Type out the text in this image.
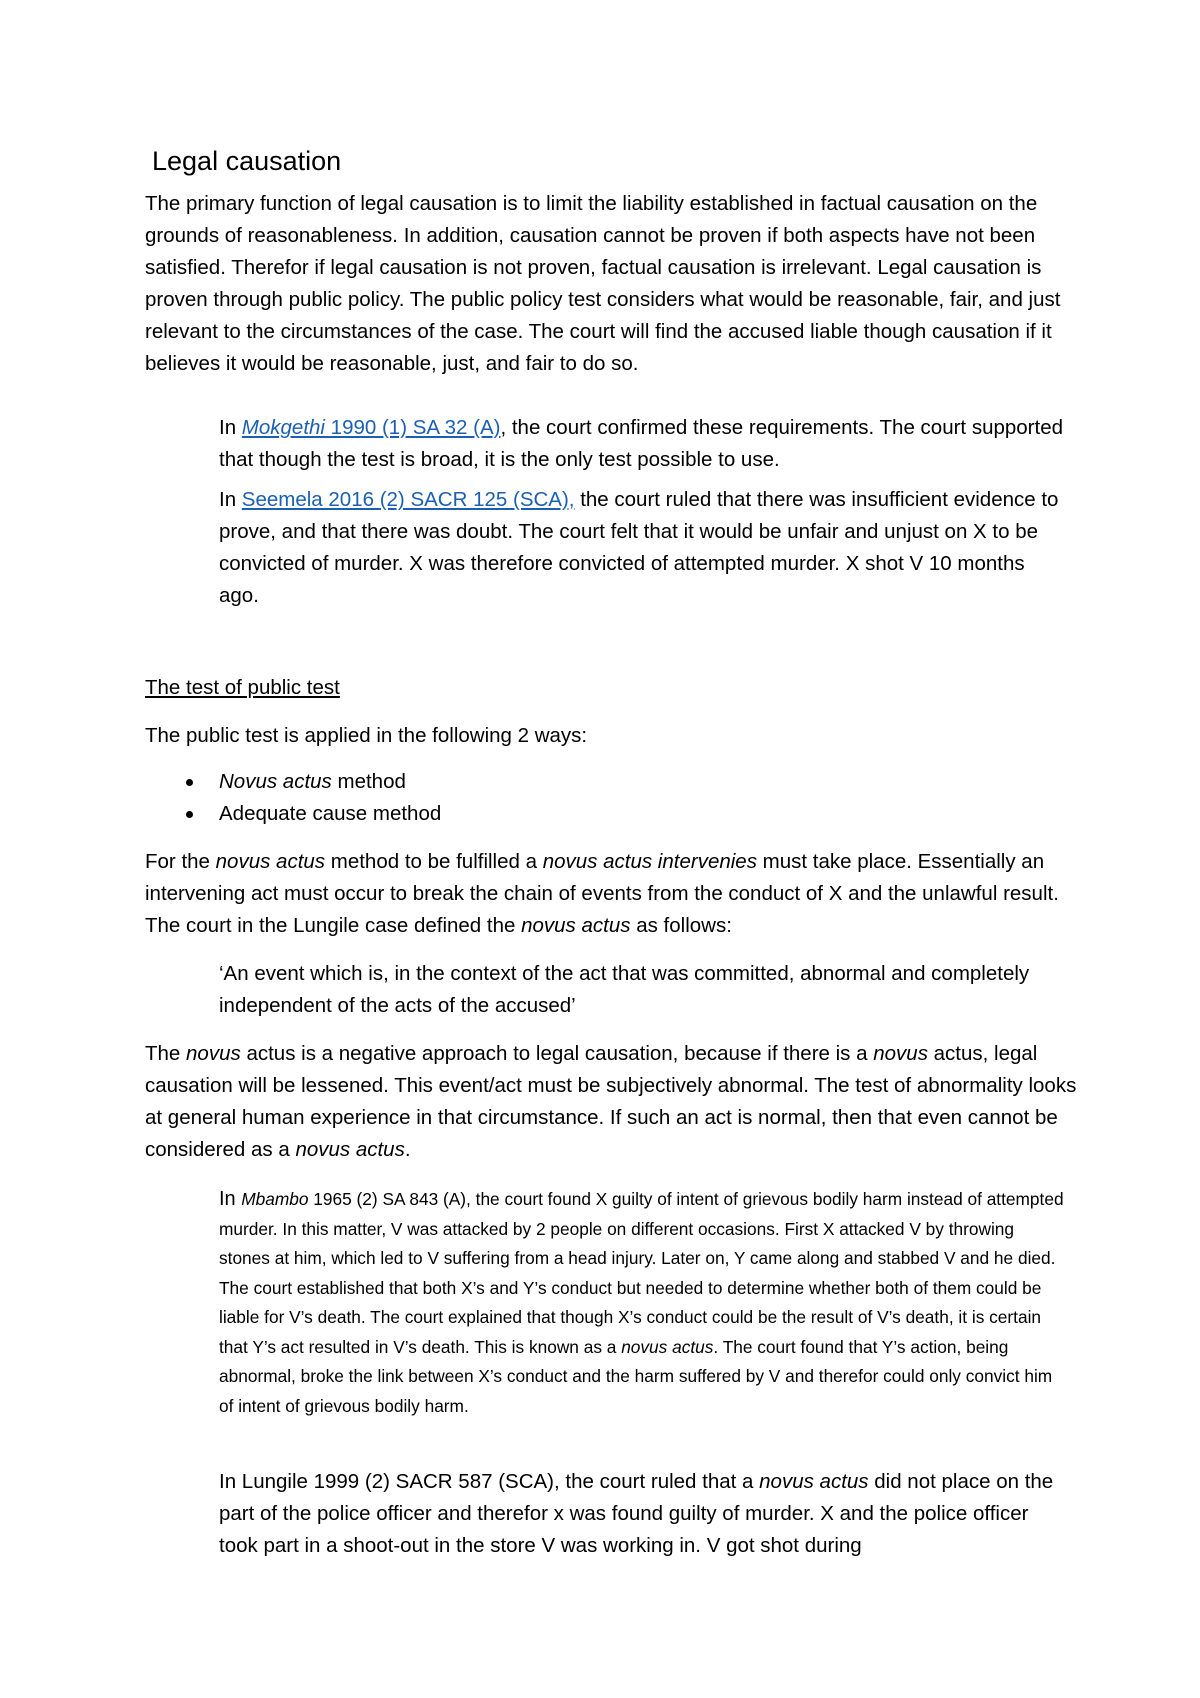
Legal causation

The primary function of legal causation is to limit the liability established in factual causation on the grounds of reasonableness. In addition, causation cannot be proven if both aspects have not been satisfied. Therefor if legal causation is not proven, factual causation is irrelevant. Legal causation is proven through public policy. The public policy test considers what would be reasonable, fair, and just relevant to the circumstances of the case. The court will find the accused liable though causation if it believes it would be reasonable, just, and fair to do so.

In Mokgethi 1990 (1) SA 32 (A), the court confirmed these requirements. The court supported that though the test is broad, it is the only test possible to use.

In Seemela 2016 (2) SACR 125 (SCA), the court ruled that there was insufficient evidence to prove, and that there was doubt. The court felt that it would be unfair and unjust on X to be convicted of murder. X was therefore convicted of attempted murder. X shot V 10 months ago.

The test of public test

The public test is applied in the following 2 ways:

Novus actus method
Adequate cause method

For the novus actus method to be fulfilled a novus actus intervenies must take place. Essentially an intervening act must occur to break the chain of events from the conduct of X and the unlawful result. The court in the Lungile case defined the novus actus as follows:

‘An event which is, in the context of the act that was committed, abnormal and completely independent of the acts of the accused’

The novus actus is a negative approach to legal causation, because if there is a novus actus, legal causation will be lessened. This event/act must be subjectively abnormal. The test of abnormality looks at general human experience in that circumstance. If such an act is normal, then that even cannot be considered as a novus actus.

In Mbambo 1965 (2) SA 843 (A), the court found X guilty of intent of grievous bodily harm instead of attempted murder. In this matter, V was attacked by 2 people on different occasions. First X attacked V by throwing stones at him, which led to V suffering from a head injury. Later on, Y came along and stabbed V and he died. The court established that both X’s and Y’s conduct but needed to determine whether both of them could be liable for V’s death. The court explained that though X’s conduct could be the result of V’s death, it is certain that Y’s act resulted in V’s death. This is known as a novus actus. The court found that Y’s action, being abnormal, broke the link between X’s conduct and the harm suffered by V and therefor could only convict him of intent of grievous bodily harm.

In Lungile 1999 (2) SACR 587 (SCA), the court ruled that a novus actus did not place on the part of the police officer and therefor x was found guilty of murder. X and the police officer took part in a shoot-out in the store V was working in. V got shot during
